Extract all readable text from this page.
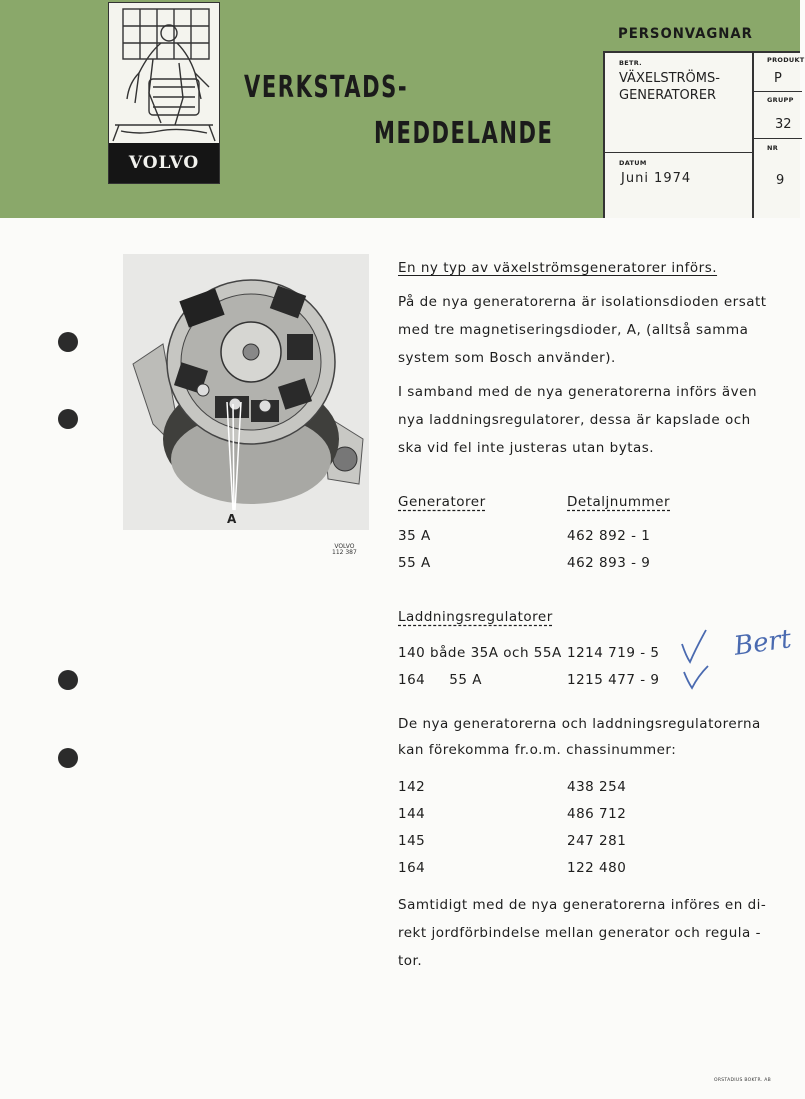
VOLVO
VERKSTADS-
MEDDELANDE
PERSONVAGNAR
BETR.
VÄXELSTRÖMS-
GENERATORER
DATUM
Juni 1974
PRODUKT
P
GRUPP
32
NR
9
A
VOLVO
112 387
En ny typ av växelströmsgeneratorer införs.
På de nya generatorerna är isolationsdioden ersatt
med tre magnetiseringsdioder, A, (alltså samma
system som Bosch använder).
I samband med de nya generatorerna införs även
nya laddningsregulatorer, dessa är kapslade och
ska vid fel inte justeras utan bytas.
Generatorer	Detaljnummer
35 A	462 892 - 1
55 A	462 893 - 9
Laddningsregulatorer
140 både 35A och 55A 1214 719 - 5
164     55 A	1215 477 - 9
Bert
De nya generatorerna och laddningsregulatorerna
kan förekomma fr.o.m. chassinummer:
142	438 254
144	486 712
145	247 281
164	122 480
Samtidigt med de nya generatorerna införes en di-
rekt jordförbindelse mellan generator och regula -
tor.
ORSTADIUS BOKTR. AB
